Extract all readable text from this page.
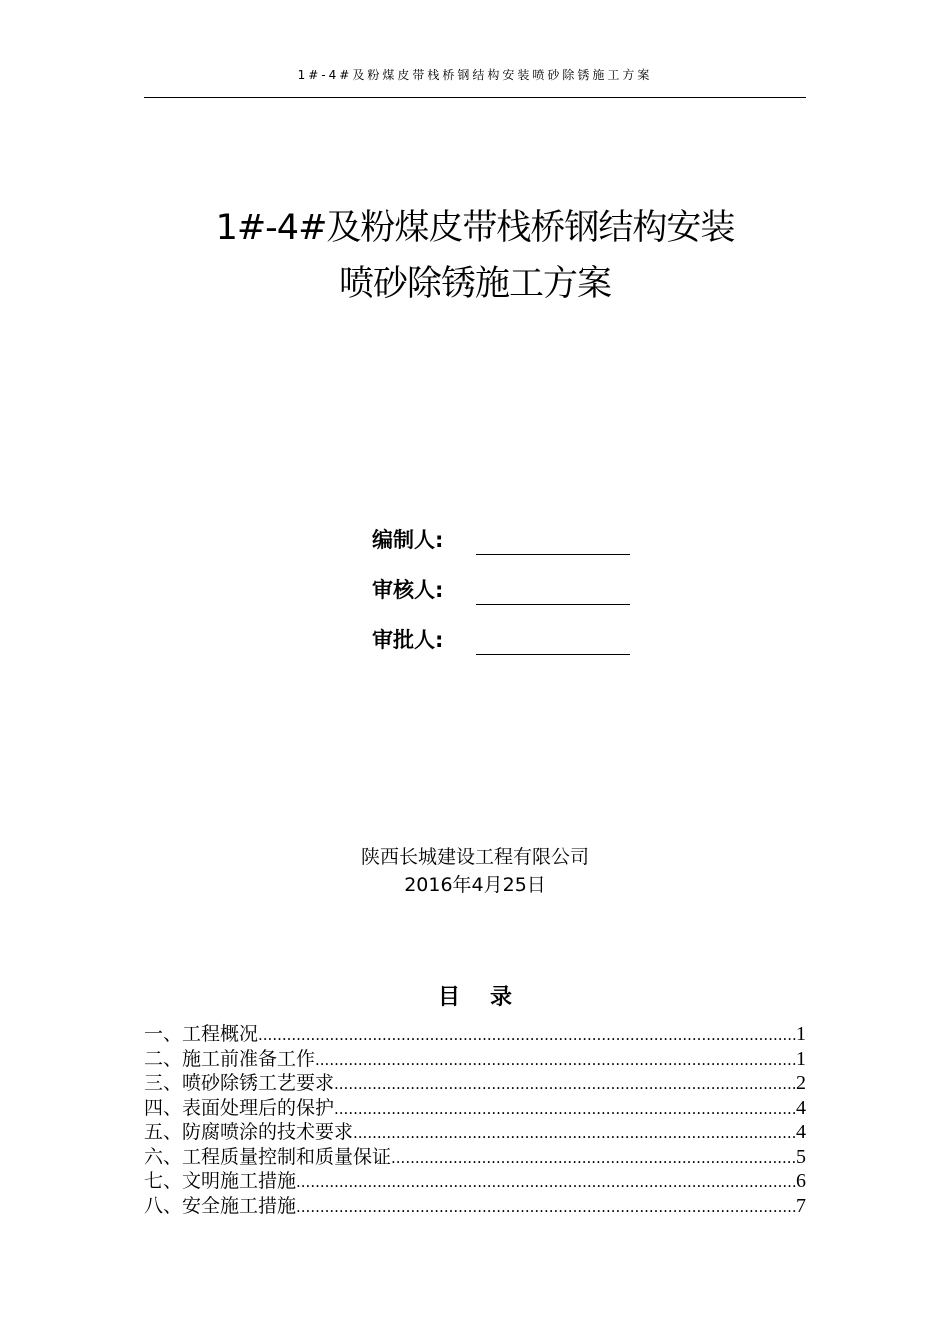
1#-4#及粉煤皮带栈桥钢结构安装喷砂除锈施工方案
1#-4#及粉煤皮带栈桥钢结构安装
喷砂除锈施工方案
编制人:
审核人:
审批人:
陕西长城建设工程有限公司
2016年4月25日
目录
一、工程概况 .....	1
二、施工前准备工作 .....	1
三、喷砂除锈工艺要求 .....	2
四、表面处理后的保护 .....	4
五、防腐喷涂的技术要求 .....	4
六、工程质量控制和质量保证 .....	5
七、文明施工措施 .....	6
八、安全施工措施 .....	7
